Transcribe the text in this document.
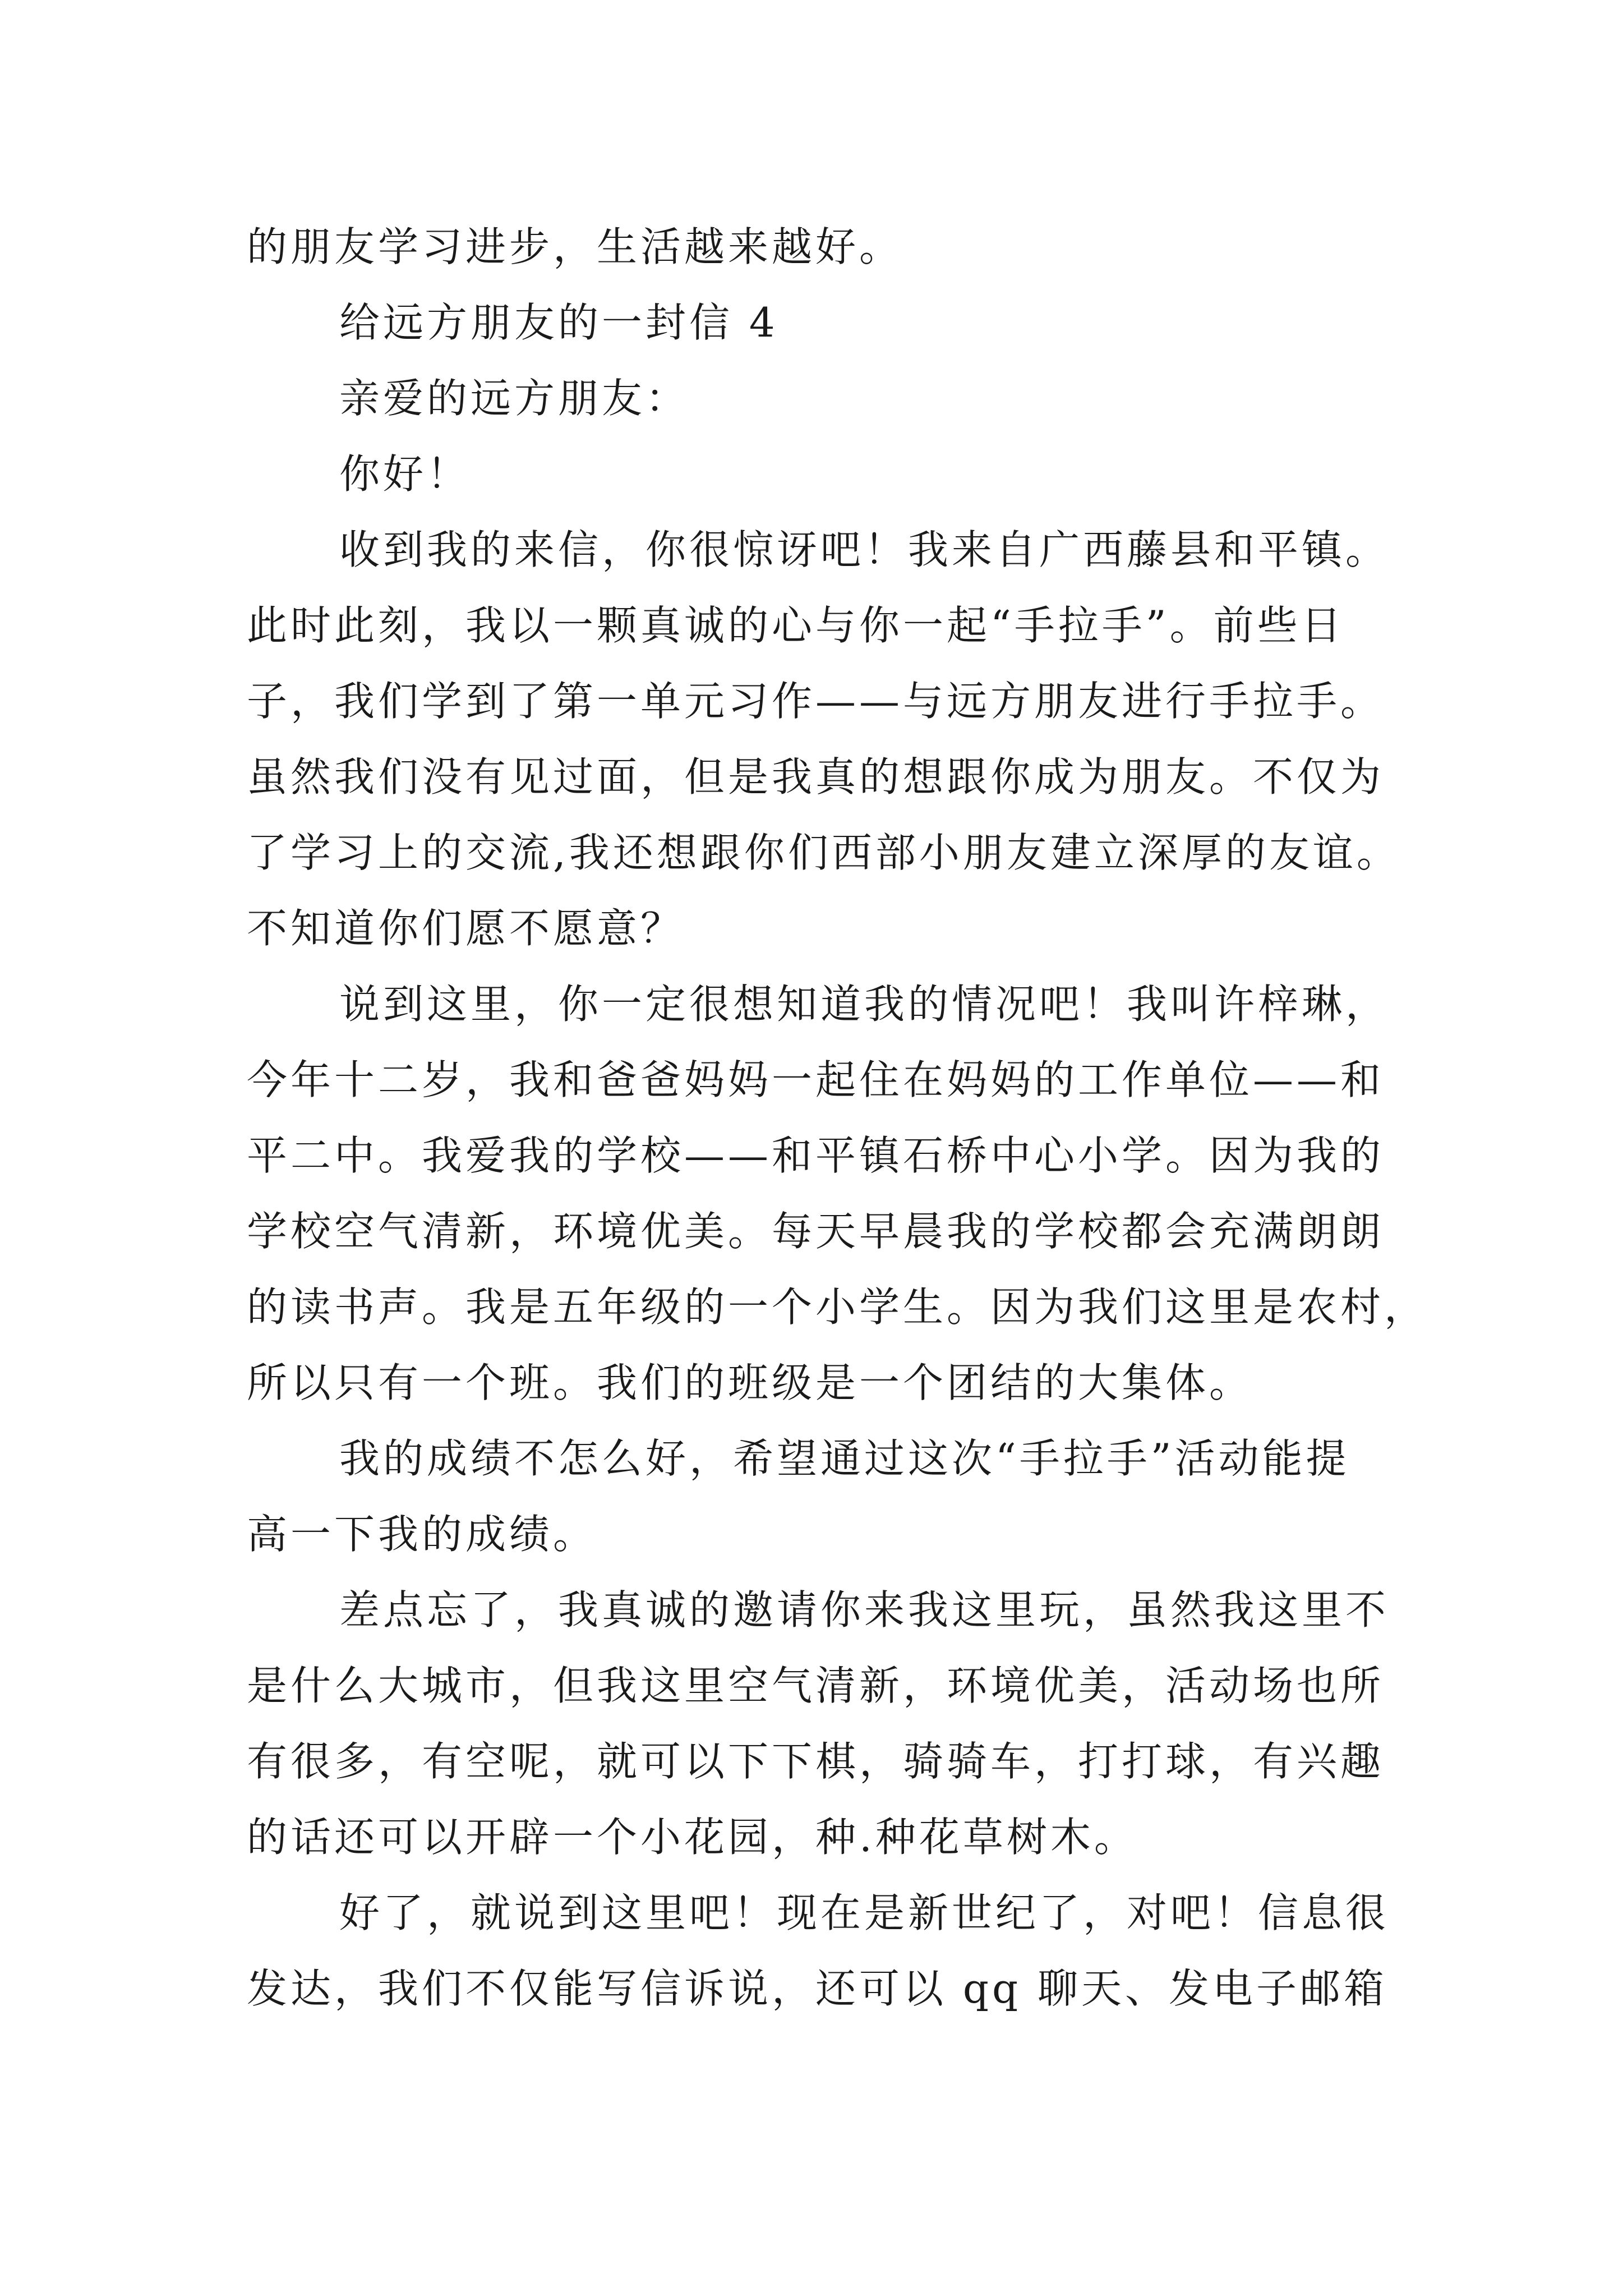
的朋友学习进步，生活越来越好。
给远方朋友的一封信 4
亲爱的远方朋友：
你好！
收到我的来信，你很惊讶吧！我来自广西藤县和平镇。
此时此刻，我以一颗真诚的心与你一起“手拉手”。前些日
子，我们学到了第一单元习作——与远方朋友进行手拉手。
虽然我们没有见过面，但是我真的想跟你成为朋友。不仅为
了学习上的交流,我还想跟你们西部小朋友建立深厚的友谊。
不知道你们愿不愿意？
说到这里，你一定很想知道我的情况吧！我叫许梓琳，
今年十二岁，我和爸爸妈妈一起住在妈妈的工作单位——和
平二中。我爱我的学校——和平镇石桥中心小学。因为我的
学校空气清新，环境优美。每天早晨我的学校都会充满朗朗
的读书声。我是五年级的一个小学生。因为我们这里是农村，
所以只有一个班。我们的班级是一个团结的大集体。
我的成绩不怎么好，希望通过这次“手拉手”活动能提
高一下我的成绩。
差点忘了，我真诚的邀请你来我这里玩，虽然我这里不
是什么大城市，但我这里空气清新，环境优美，活动场也所
有很多，有空呢，就可以下下棋，骑骑车，打打球，有兴趣
的话还可以开辟一个小花园，种.种花草树木。
好了，就说到这里吧！现在是新世纪了，对吧！信息很
发达，我们不仅能写信诉说，还可以 qq 聊天、发电子邮箱
